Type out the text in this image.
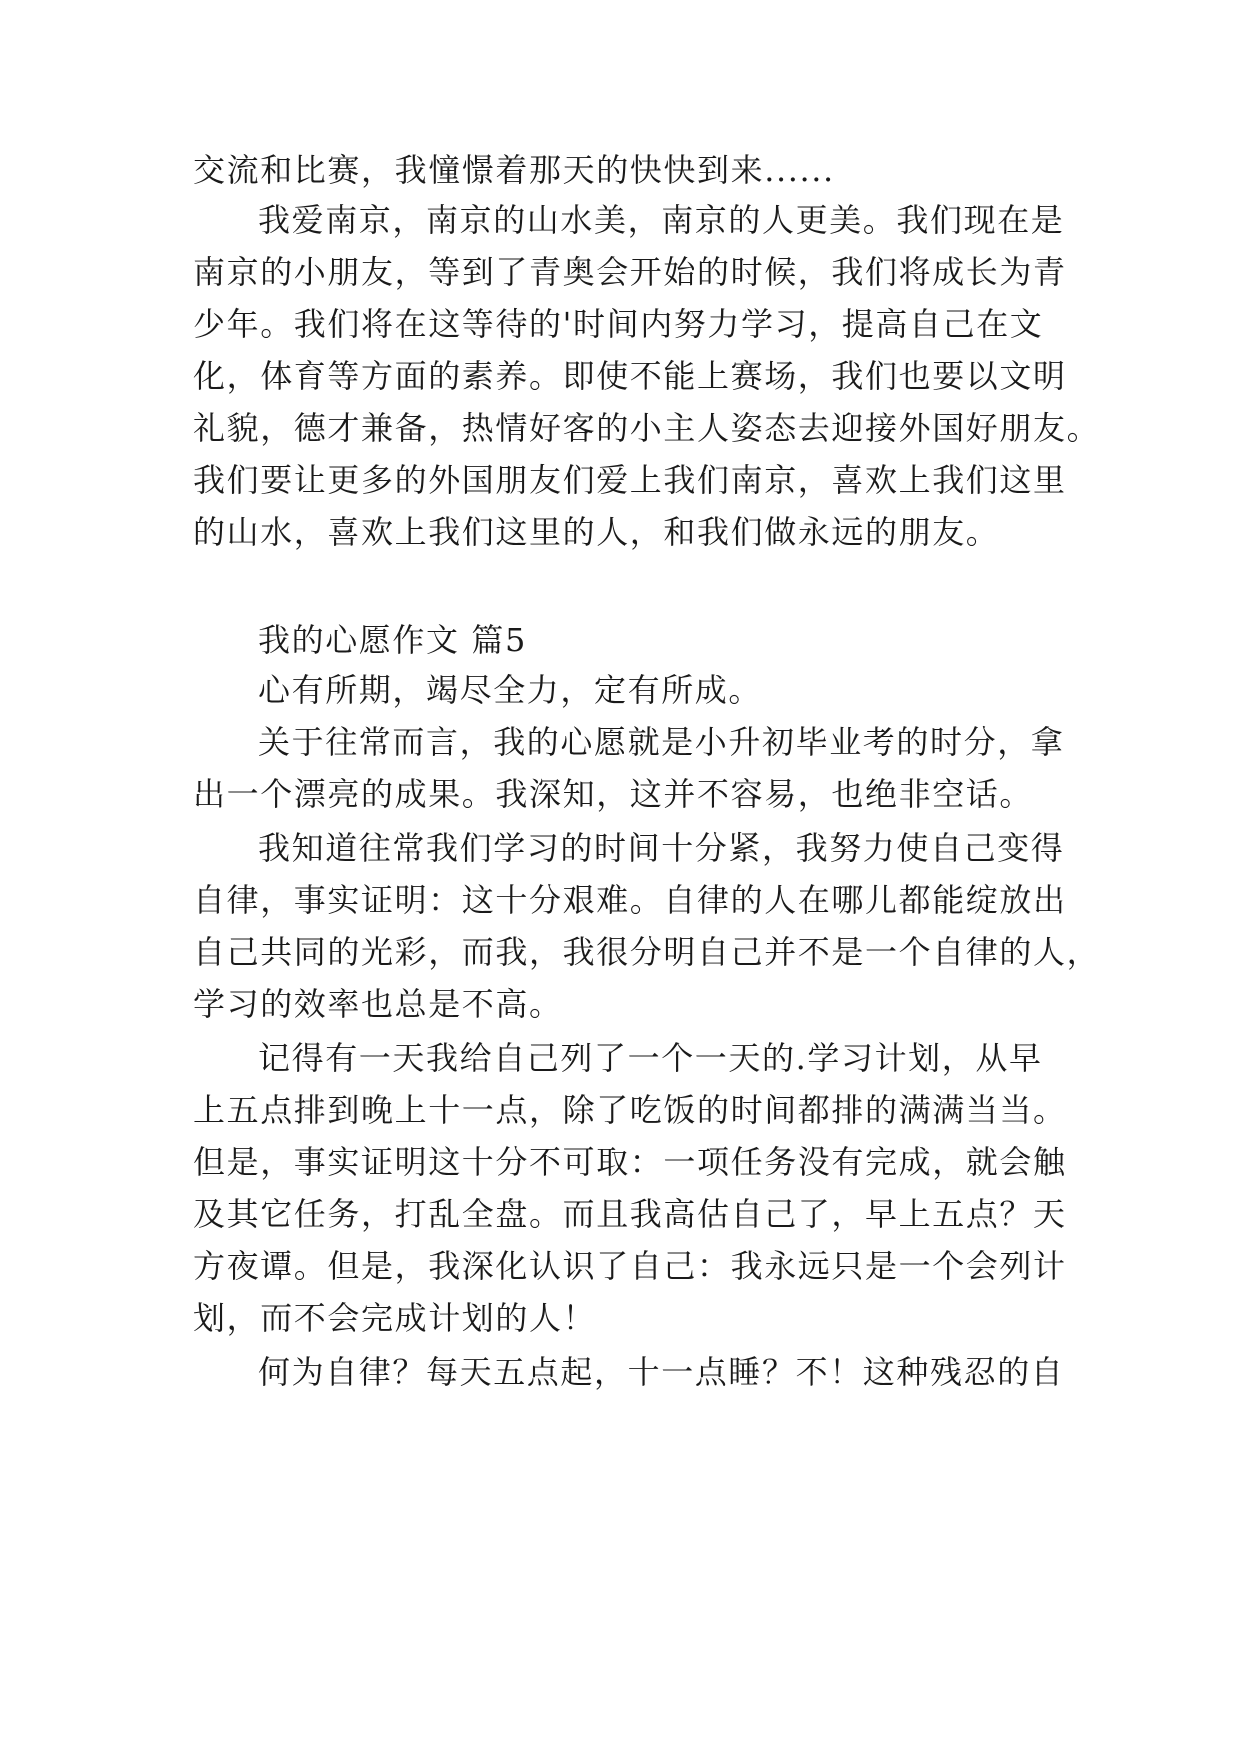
交流和比赛，我憧憬着那天的快快到来......
我爱南京，南京的山水美，南京的人更美。我们现在是
南京的小朋友，等到了青奥会开始的时候，我们将成长为青
少年。我们将在这等待的'时间内努力学习，提高自己在文
化，体育等方面的素养。即使不能上赛场，我们也要以文明
礼貌，德才兼备，热情好客的小主人姿态去迎接外国好朋友。
我们要让更多的外国朋友们爱上我们南京，喜欢上我们这里
的山水，喜欢上我们这里的人，和我们做永远的朋友。
我的心愿作文 篇5
心有所期，竭尽全力，定有所成。
关于往常而言，我的心愿就是小升初毕业考的时分，拿
出一个漂亮的成果。我深知，这并不容易，也绝非空话。
我知道往常我们学习的时间十分紧，我努力使自己变得
自律，事实证明：这十分艰难。自律的人在哪儿都能绽放出
自己共同的光彩，而我，我很分明自己并不是一个自律的人，
学习的效率也总是不高。
记得有一天我给自己列了一个一天的.学习计划，从早
上五点排到晚上十一点，除了吃饭的时间都排的满满当当。
但是，事实证明这十分不可取：一项任务没有完成，就会触
及其它任务，打乱全盘。而且我高估自己了，早上五点？天
方夜谭。但是，我深化认识了自己：我永远只是一个会列计
划，而不会完成计划的人！
何为自律？每天五点起，十一点睡？不！这种残忍的自
